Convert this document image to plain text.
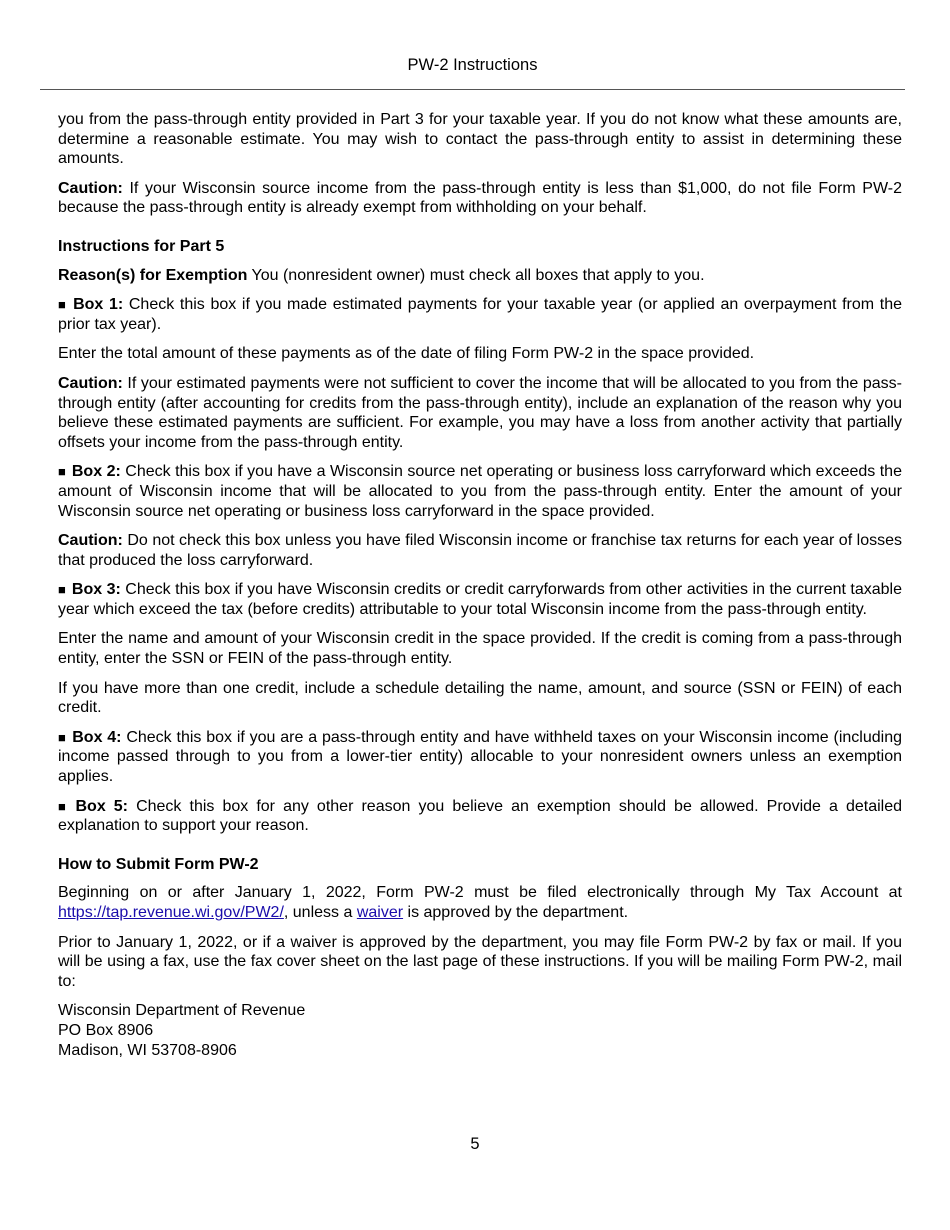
PW-2 Instructions

you from the pass-through entity provided in Part 3 for your taxable year. If you do not know what these amounts are, determine a reasonable estimate. You may wish to contact the pass-through entity to assist in determining these amounts.

Caution: If your Wisconsin source income from the pass-through entity is less than $1,000, do not file Form PW-2 because the pass-through entity is already exempt from withholding on your behalf.

Instructions for Part 5

Reason(s) for Exemption You (nonresident owner) must check all boxes that apply to you.

■ Box 1: Check this box if you made estimated payments for your taxable year (or applied an overpayment from the prior tax year).

Enter the total amount of these payments as of the date of filing Form PW-2 in the space provided.

Caution: If your estimated payments were not sufficient to cover the income that will be allocated to you from the pass-through entity (after accounting for credits from the pass-through entity), include an explanation of the reason why you believe these estimated payments are sufficient. For example, you may have a loss from another activity that partially offsets your income from the pass-through entity.

■ Box 2: Check this box if you have a Wisconsin source net operating or business loss carryforward which exceeds the amount of Wisconsin income that will be allocated to you from the pass-through entity. Enter the amount of your Wisconsin source net operating or business loss carryforward in the space provided.

Caution: Do not check this box unless you have filed Wisconsin income or franchise tax returns for each year of losses that produced the loss carryforward.

■ Box 3: Check this box if you have Wisconsin credits or credit carryforwards from other activities in the current taxable year which exceed the tax (before credits) attributable to your total Wisconsin income from the pass-through entity.

Enter the name and amount of your Wisconsin credit in the space provided. If the credit is coming from a pass-through entity, enter the SSN or FEIN of the pass-through entity.

If you have more than one credit, include a schedule detailing the name, amount, and source (SSN or FEIN) of each credit.

■ Box 4: Check this box if you are a pass-through entity and have withheld taxes on your Wisconsin income (including income passed through to you from a lower-tier entity) allocable to your nonresident owners unless an exemption applies.

■ Box 5: Check this box for any other reason you believe an exemption should be allowed. Provide a detailed explanation to support your reason.

How to Submit Form PW-2

Beginning on or after January 1, 2022, Form PW-2 must be filed electronically through My Tax Account at https://tap.revenue.wi.gov/PW2/, unless a waiver is approved by the department.

Prior to January 1, 2022, or if a waiver is approved by the department, you may file Form PW-2 by fax or mail. If you will be using a fax, use the fax cover sheet on the last page of these instructions. If you will be mailing Form PW-2, mail to:

Wisconsin Department of Revenue

PO Box 8906

Madison, WI 53708-8906

5
